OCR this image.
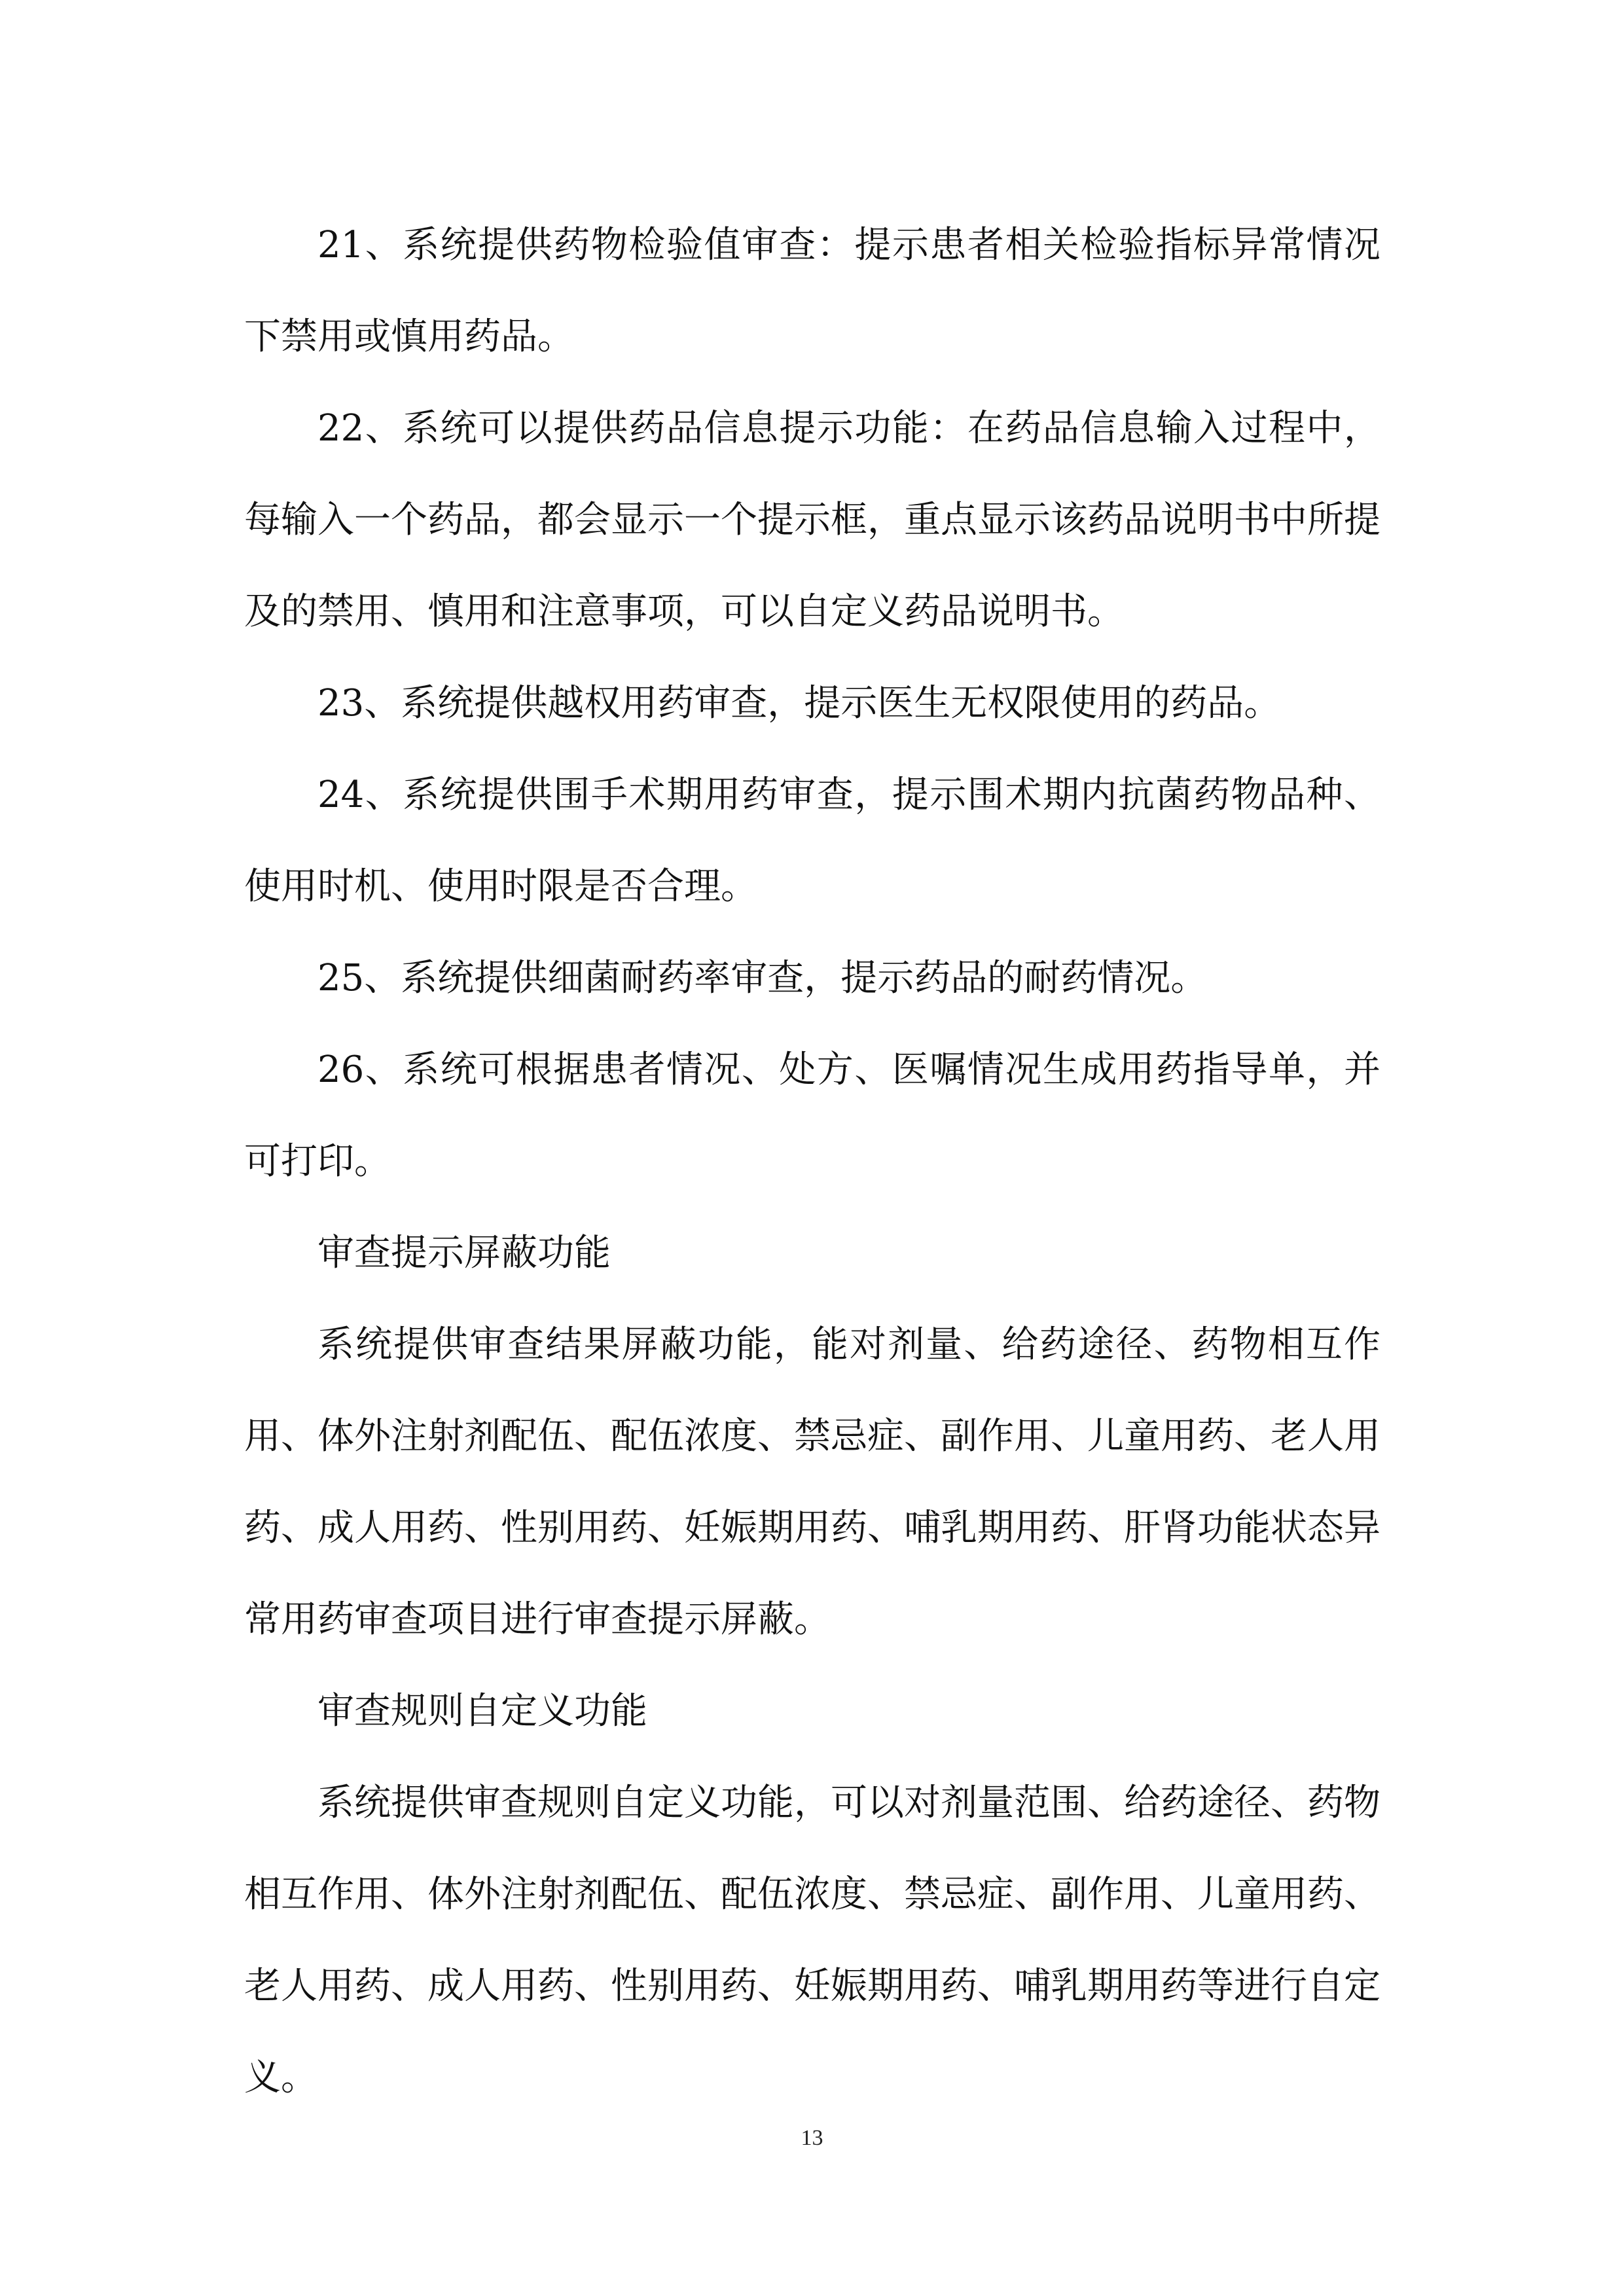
21、系统提供药物检验值审查：提示患者相关检验指标异常情况下禁用或慎用药品。

22、系统可以提供药品信息提示功能：在药品信息输入过程中，每输入一个药品，都会显示一个提示框，重点显示该药品说明书中所提及的禁用、慎用和注意事项，可以自定义药品说明书。

23、系统提供越权用药审查，提示医生无权限使用的药品。

24、系统提供围手术期用药审查，提示围术期内抗菌药物品种、使用时机、使用时限是否合理。

25、系统提供细菌耐药率审查，提示药品的耐药情况。

26、系统可根据患者情况、处方、医嘱情况生成用药指导单，并可打印。

审查提示屏蔽功能

系统提供审查结果屏蔽功能，能对剂量、给药途径、药物相互作用、体外注射剂配伍、配伍浓度、禁忌症、副作用、儿童用药、老人用药、成人用药、性别用药、妊娠期用药、哺乳期用药、肝肾功能状态异常用药审查项目进行审查提示屏蔽。

审查规则自定义功能

系统提供审查规则自定义功能，可以对剂量范围、给药途径、药物相互作用、体外注射剂配伍、配伍浓度、禁忌症、副作用、儿童用药、老人用药、成人用药、性别用药、妊娠期用药、哺乳期用药等进行自定义。

13
